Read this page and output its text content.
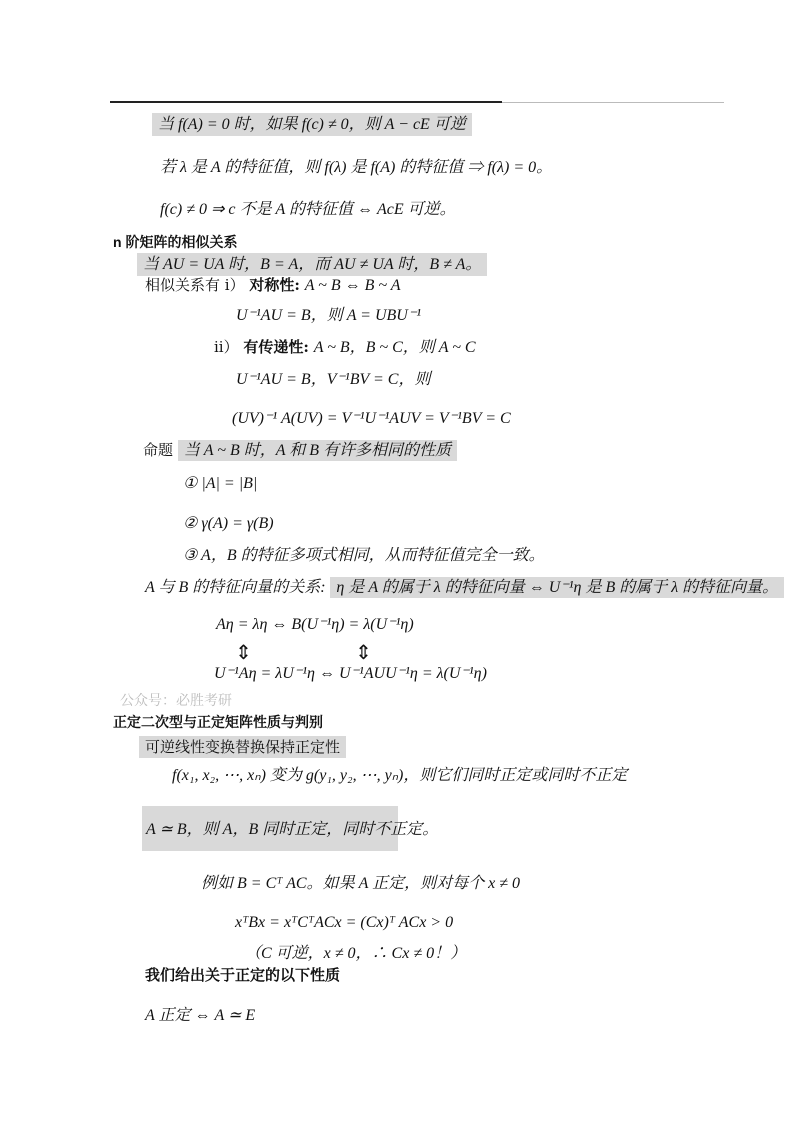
当 f(A) = 0 时，如果 f(c) ≠ 0，则 A − cE 可逆
若 λ 是 A 的特征值，则 f(λ) 是 f(A) 的特征值 ⇒ f(λ) = 0。
f(c) ≠ 0 ⇒ c 不是 A 的特征值 ⇔ AcE 可逆。
n 阶矩阵的相似关系
当 AU = UA 时，B = A，而 AU ≠ UA 时，B ≠ A。
相似关系有 i） 对称性: A ~ B ⇔ B ~ A
U⁻¹AU = B，则 A = UBU⁻¹
ii） 有传递性: A ~ B，B ~ C，则 A ~ C
U⁻¹AU = B，V⁻¹BV = C，则
(UV)⁻¹ A(UV) = V⁻¹U⁻¹AUV = V⁻¹BV = C
命题 当 A ~ B 时，A 和 B 有许多相同的性质
① |A| = |B|
② γ(A) = γ(B)
③ A，B 的特征多项式相同，从而特征值完全一致。
A 与 B 的特征向量的关系: η 是 A 的属于 λ 的特征向量 ⇔ U⁻¹η 是 B 的属于 λ 的特征向量。
Aη = λη ⇔ B(U⁻¹η) = λ(U⁻¹η)
⇕	⇕
U⁻¹Aη = λU⁻¹η ⇔ U⁻¹AUU⁻¹η = λ(U⁻¹η)
公众号：必胜考研
正定二次型与正定矩阵性质与判别
可逆线性变换替换保持正定性
f(x₁, x₂, ⋯, xₙ) 变为 g(y₁, y₂, ⋯, yₙ)，则它们同时正定或同时不正定
A ≃ B，则 A，B 同时正定，同时不正定。
例如 B = Cᵀ AC。如果 A 正定，则对每个 x ≠ 0
xᵀBx = xᵀCᵀACx = (Cx)ᵀ ACx > 0
（C 可逆，x ≠ 0，∴ Cx ≠ 0！）
我们给出关于正定的以下性质
A 正定 ⇔ A ≃ E
